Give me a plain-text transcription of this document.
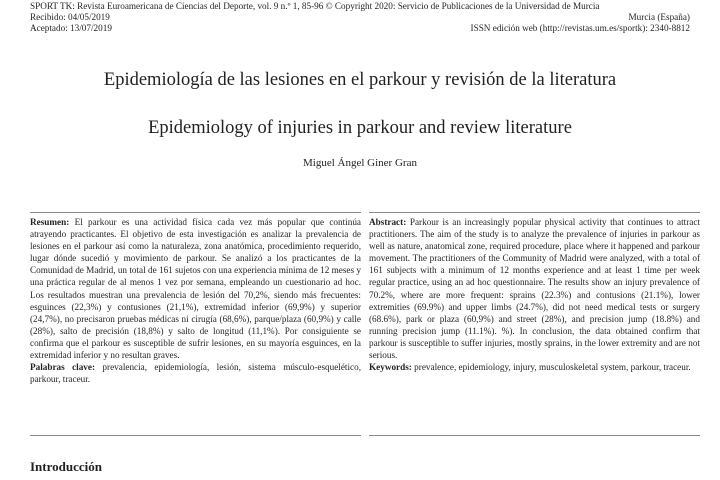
SPORT TK: Revista Euroamericana de Ciencias del Deporte, vol. 9 n.º 1, 85-96 © Copyright 2020: Servicio de Publicaciones de la Universidad de Murcia
Recibido: 04/05/2019
Aceptado: 13/07/2019
Murcia (España)
ISSN edición web (http://revistas.um.es/sportk): 2340-8812
Epidemiología de las lesiones en el parkour y revisión de la literatura
Epidemiology of injuries in parkour and review literature
Miguel Ángel Giner Gran

Resumen: El parkour es una actividad física cada vez más popular que continúa atrayendo practicantes. El objetivo de esta investigación es analizar la prevalencia de lesiones en el parkour así como la naturaleza, zona anatómica, procedimiento requerido, lugar dónde sucedió y movimiento de parkour. Se analizó a los practicantes de la Comunidad de Madrid, un total de 161 sujetos con una experiencia mínima de 12 meses y una práctica regular de al menos 1 vez por semana, empleando un cuestionario ad hoc. Los resultados muestran una prevalencia de lesión del 70,2%, siendo más frecuentes: esguinces (22,3%) y contusiones (21,1%), extremidad inferior (69,9%) y superior (24,7%), no precisaron pruebas médicas ni cirugía (68,6%), parque/plaza (60,9%) y calle (28%), salto de precisión (18,8%) y salto de longitud (11,1%). Por consiguiente se confirma que el parkour es susceptible de sufrir lesiones, en su mayoría esguinces, en la extremidad inferior y no resultan graves.

Palabras clave: prevalencia, epidemiología, lesión, sistema músculo-esquelético, parkour, traceur.

Abstract: Parkour is an increasingly popular physical activity that continues to attract practitioners. The aim of the study is to analyze the prevalence of injuries in parkour as well as nature, anatomical zone, required procedure, place where it happened and parkour movement. The practitioners of the Community of Madrid were analyzed, with a total of 161 subjects with a minimum of 12 months experience and at least 1 time per week regular practice, using an ad hoc questionnaire. The results show an injury prevalence of 70.2%, where are more frequent: sprains (22.3%) and contusions (21.1%), lower extremities (69.9%) and upper limbs (24.7%), did not need medical tests or surgery (68.6%), park or plaza (60,9%) and street (28%), and precision jump (18.8%) and running precision jump (11.1%). %). In conclusion, the data obtained confirm that parkour is susceptible to suffer injuries, mostly sprains, in the lower extremity and are not serious.

Keywords: prevalence, epidemiology, injury, musculoskeletal system, parkour, traceur.

Introducción
